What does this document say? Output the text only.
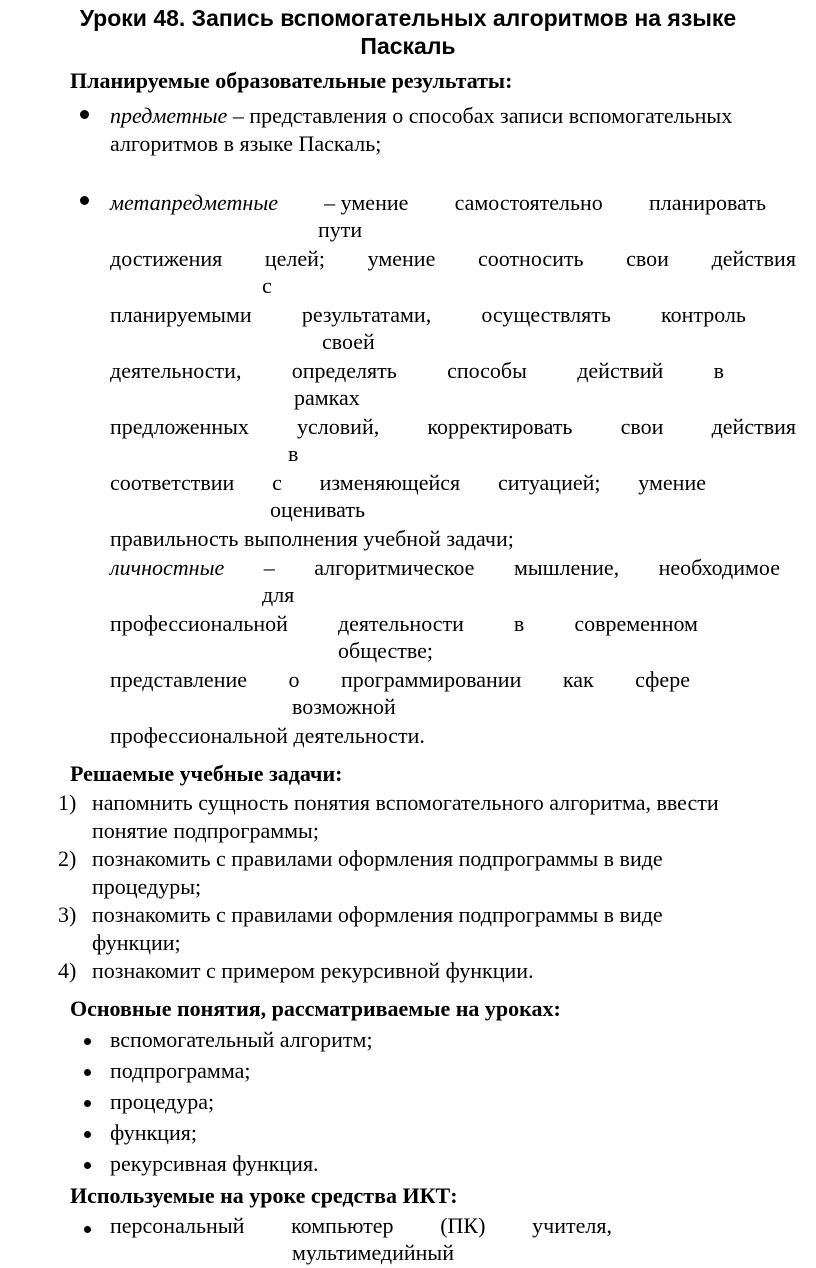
Уроки 48. Запись вспомогательных алгоритмов на языке
Паскаль
Планируемые образовательные результаты:
предметные – представления о способах записи вспомогательных
алгоритмов в языке Паскаль;
метапредметные – умение самостоятельно планировать
пути
достижения целей; умение соотносить свои действия
с
планируемыми результатами, осуществлять контроль
своей
деятельности, определять способы действий в
рамках
предложенных условий, корректировать свои действия
в
соответствии с изменяющейся ситуацией; умение
оценивать
правильность выполнения учебной задачи;
личностные – алгоритмическое мышление, необходимое
для
профессиональной деятельности в современном
обществе;
представление о программировании как сфере
возможной
профессиональной деятельности.
Решаемые учебные задачи:
1) напомнить сущность понятия вспомогательного алгоритма, ввести
понятие подпрограммы;
2) познакомить с правилами оформления подпрограммы в виде
процедуры;
3) познакомить с правилами оформления подпрограммы в виде
функции;
4) познакомит с примером рекурсивной функции.
Основные понятия, рассматриваемые на уроках:
вспомогательный алгоритм;
подпрограмма;
процедура;
функция;
рекурсивная функция.
Используемые на уроке средства ИКТ:
персональный компьютер (ПК) учителя,
мультимедийный
